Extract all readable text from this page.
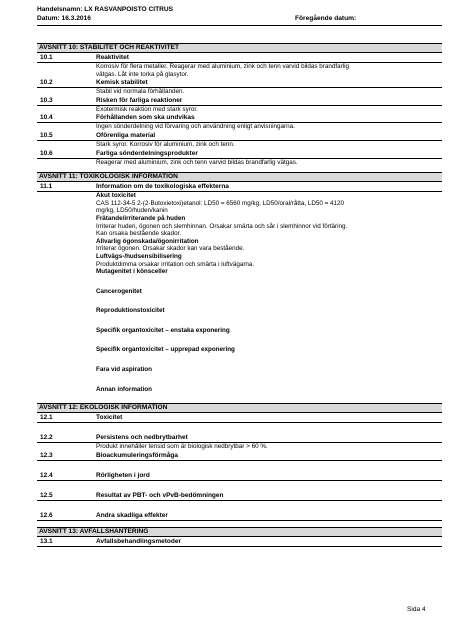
Handelsnamn: LX RASVANPOISTO CITRUS
Datum: 16.3.2016	Föregående datum:
AVSNITT 10: STABILITET OCH REAKTIVITET
10.1	Reaktivitet
Korrosiv för flera metaller. Reagerar med aluminium, zink och tenn varvid bildas brandfarlig
vätgas. Låt inte torka på glasytor.
10.2	Kemisk stabilitet
Stabil vid normala förhållanden.
10.3	Risken för farliga reaktioner
Exotermisk reaktion med stark syror.
10.4	Förhållanden som ska undvikas
Ingen sönderdelning vid förvaring och användning enligt anvisningarna.
10.5	Oförenliga material
Stark syror. Korrosiv för aluminium, zink och tenn.
10.6	Farliga sönderdelningsprodukter
Reagerar med aluminium, zink och tenn varvid bildas brandfarlig vätgas.
AVSNITT 11: TOXIKOLOGISK INFORMATION
11.1	Information om de toxikologiska effekterna
Akut toxicitet
CAS 112-34-5 2-(2-Butoxietoxi)etanol: LD50 = 6560 mg/kg, LD50/oral/råtta, LD50 = 4120
mg/kg, LD50/huden/kanin
Frätande/irriterande på huden
Irriterar huden, ögonen och slemhinnan. Orsakar smärta och sår i slemhinnor vid förtäring.
Kan orsaka bestående skador.
Allvarlig ögonskada/ögonirritation
Irriterar ögonen. Orsakar skador kan vara bestående.
Luftvägs-/hudsensibilisering
Produktdimma orsakar irritation och smärta i luftvägarna.
Mutagenitet i könsceller
Cancerogenitet
Reproduktionstoxicitet
Specifik organtoxicitet – enstaka exponering
Specifik organtoxicitet – upprepad exponering
Fara vid aspiration
Annan information
AVSNITT 12: EKOLOGISK INFORMATION
12.1	Toxicitet
12.2	Persistens och nedbrytbarhet
Produkt innehåller tensid som är biologisk nedbrytbar > 60 %.
12.3	Bioackumuleringsförmåga
12.4	Rörligheten i jord
12.5	Resultat av PBT- och vPvB-bedömningen
12.6	Andra skadliga effekter
AVSNITT 13: AVFALLSHANTERING
13.1	Avfallsbehandlingsmetoder
Sida 4
